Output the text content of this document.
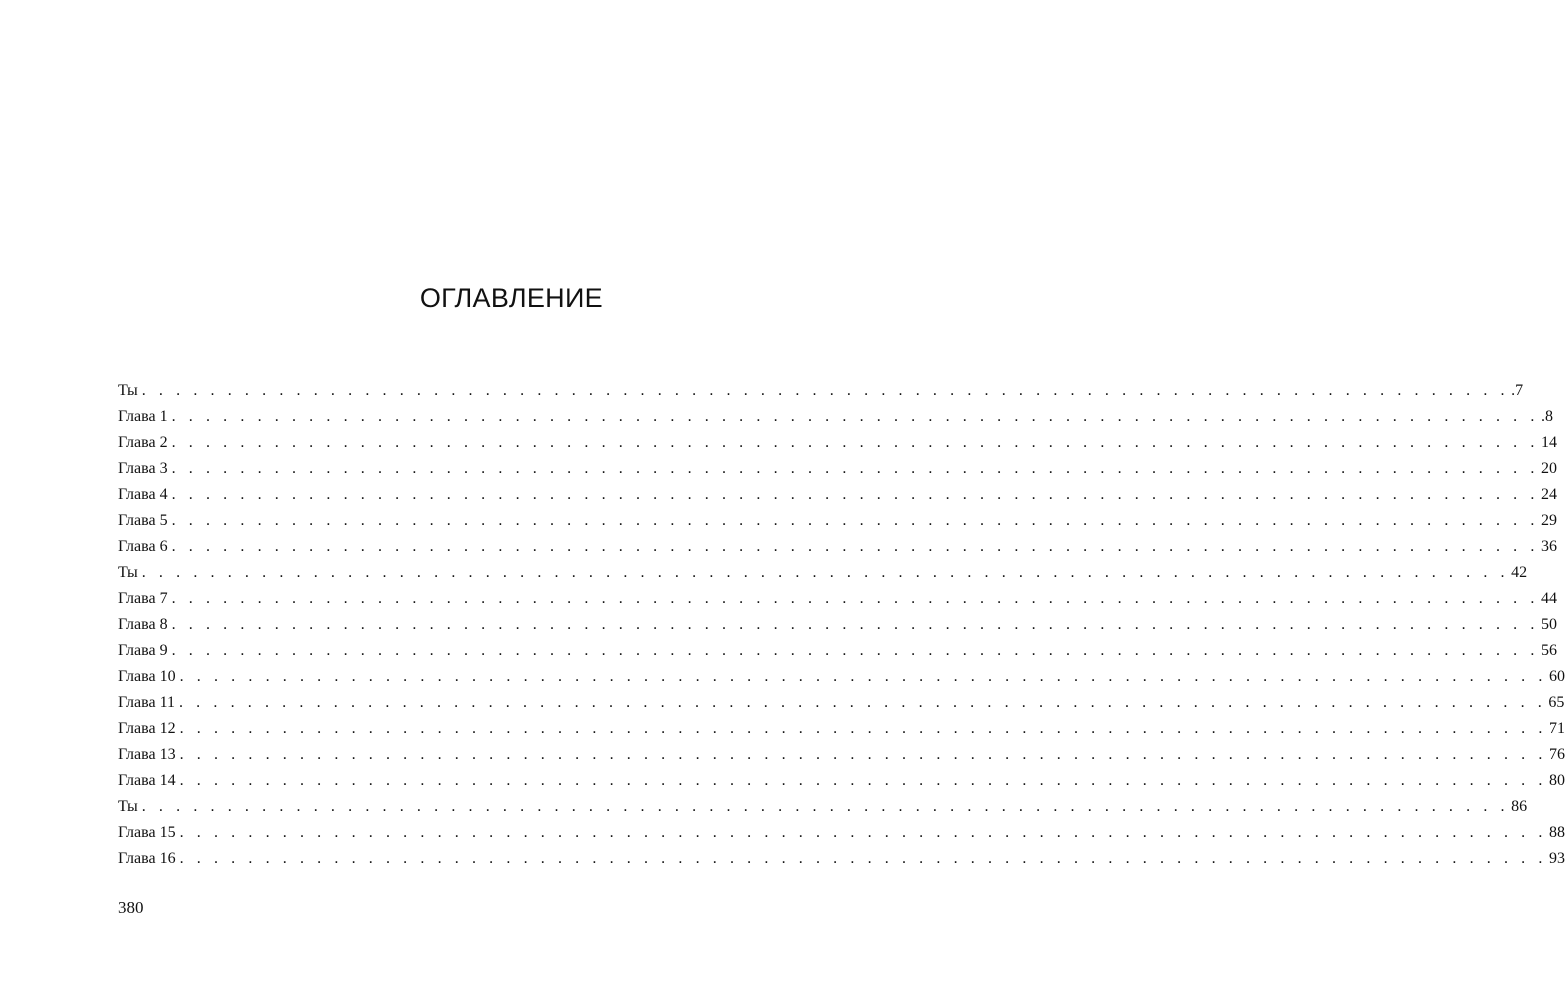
ОГЛАВЛЕНИЕ
Ты . . . . . . . . . . . . . . . . . . . . . . . . . . . . . . . . . . . . . . . . . . . . . . . . . . . . . . . . . . . . . . . . . . . . . . . . . . . . . . . . .7
Глава 1 . . . . . . . . . . . . . . . . . . . . . . . . . . . . . . . . . . . . . . . . . . . . . . . . . . . . . . . . . . . . . . . . . . . . . . . . . . . . . . . . .8
Глава 2 . . . . . . . . . . . . . . . . . . . . . . . . . . . . . . . . . . . . . . . . . . . . . . . . . . . . . . . . . . . . . . . . . . . . . . . . . . . . . . . . 14
Глава 3 . . . . . . . . . . . . . . . . . . . . . . . . . . . . . . . . . . . . . . . . . . . . . . . . . . . . . . . . . . . . . . . . . . . . . . . . . . . . . . . . 20
Глава 4 . . . . . . . . . . . . . . . . . . . . . . . . . . . . . . . . . . . . . . . . . . . . . . . . . . . . . . . . . . . . . . . . . . . . . . . . . . . . . . . . 24
Глава 5 . . . . . . . . . . . . . . . . . . . . . . . . . . . . . . . . . . . . . . . . . . . . . . . . . . . . . . . . . . . . . . . . . . . . . . . . . . . . . . . . 29
Глава 6 . . . . . . . . . . . . . . . . . . . . . . . . . . . . . . . . . . . . . . . . . . . . . . . . . . . . . . . . . . . . . . . . . . . . . . . . . . . . . . . . 36
Ты . . . . . . . . . . . . . . . . . . . . . . . . . . . . . . . . . . . . . . . . . . . . . . . . . . . . . . . . . . . . . . . . . . . . . . . . . . . . . . . . 42
Глава 7 . . . . . . . . . . . . . . . . . . . . . . . . . . . . . . . . . . . . . . . . . . . . . . . . . . . . . . . . . . . . . . . . . . . . . . . . . . . . . . . . 44
Глава 8 . . . . . . . . . . . . . . . . . . . . . . . . . . . . . . . . . . . . . . . . . . . . . . . . . . . . . . . . . . . . . . . . . . . . . . . . . . . . . . . . 50
Глава 9 . . . . . . . . . . . . . . . . . . . . . . . . . . . . . . . . . . . . . . . . . . . . . . . . . . . . . . . . . . . . . . . . . . . . . . . . . . . . . . . . 56
Глава 10 . . . . . . . . . . . . . . . . . . . . . . . . . . . . . . . . . . . . . . . . . . . . . . . . . . . . . . . . . . . . . . . . . . . . . . . . . . . . . . . . 60
Глава 11 . . . . . . . . . . . . . . . . . . . . . . . . . . . . . . . . . . . . . . . . . . . . . . . . . . . . . . . . . . . . . . . . . . . . . . . . . . . . . . . . 65
Глава 12 . . . . . . . . . . . . . . . . . . . . . . . . . . . . . . . . . . . . . . . . . . . . . . . . . . . . . . . . . . . . . . . . . . . . . . . . . . . . . . . . 71
Глава 13 . . . . . . . . . . . . . . . . . . . . . . . . . . . . . . . . . . . . . . . . . . . . . . . . . . . . . . . . . . . . . . . . . . . . . . . . . . . . . . . . 76
Глава 14 . . . . . . . . . . . . . . . . . . . . . . . . . . . . . . . . . . . . . . . . . . . . . . . . . . . . . . . . . . . . . . . . . . . . . . . . . . . . . . . . 80
Ты . . . . . . . . . . . . . . . . . . . . . . . . . . . . . . . . . . . . . . . . . . . . . . . . . . . . . . . . . . . . . . . . . . . . . . . . . . . . . . . . 86
Глава 15 . . . . . . . . . . . . . . . . . . . . . . . . . . . . . . . . . . . . . . . . . . . . . . . . . . . . . . . . . . . . . . . . . . . . . . . . . . . . . . . . 88
Глава 16 . . . . . . . . . . . . . . . . . . . . . . . . . . . . . . . . . . . . . . . . . . . . . . . . . . . . . . . . . . . . . . . . . . . . . . . . . . . . . . . . 93

380
